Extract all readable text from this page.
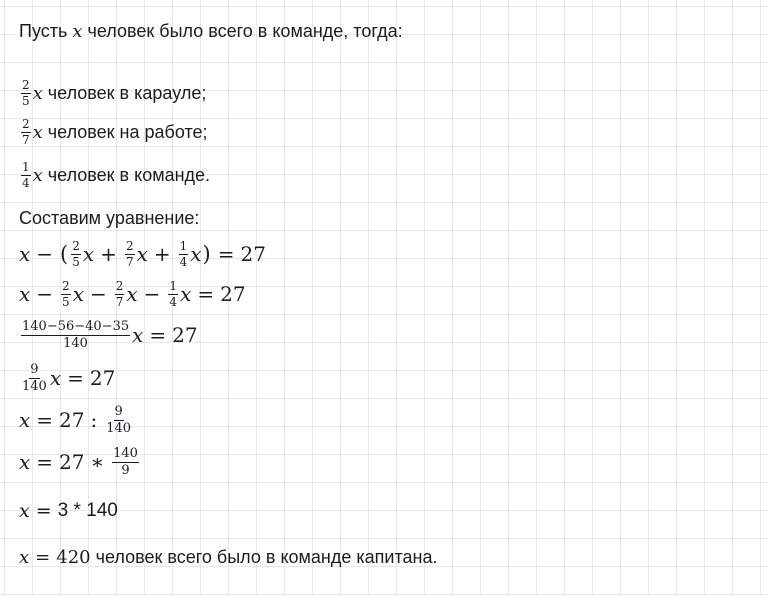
Пусть x человек было всего в команде, тогда:
$\frac{2}{5}$ x человек в карауле;
$\frac{2}{7}$ x человек на работе;
$\frac{1}{4}$ x человек в команде.
Составим уравнение:
x − ( $\frac{2}{5}$ $x + \frac{2}{7}$ $x + \frac{1}{4}$ x ) = 27
$x - \frac{2}{5}$ $x - \frac{2}{7}$ $x - \frac{1}{4}$ x = 27
$\frac{140-56-40-35}{140}$ x = 27
$\frac{9}{140}$ x = 27
x = 27 : $\frac{9}{140}$
x = 27 ∗ $\frac{140}{9}$
x = 3 * 140
x = 420 человек всего было в команде капитана.
